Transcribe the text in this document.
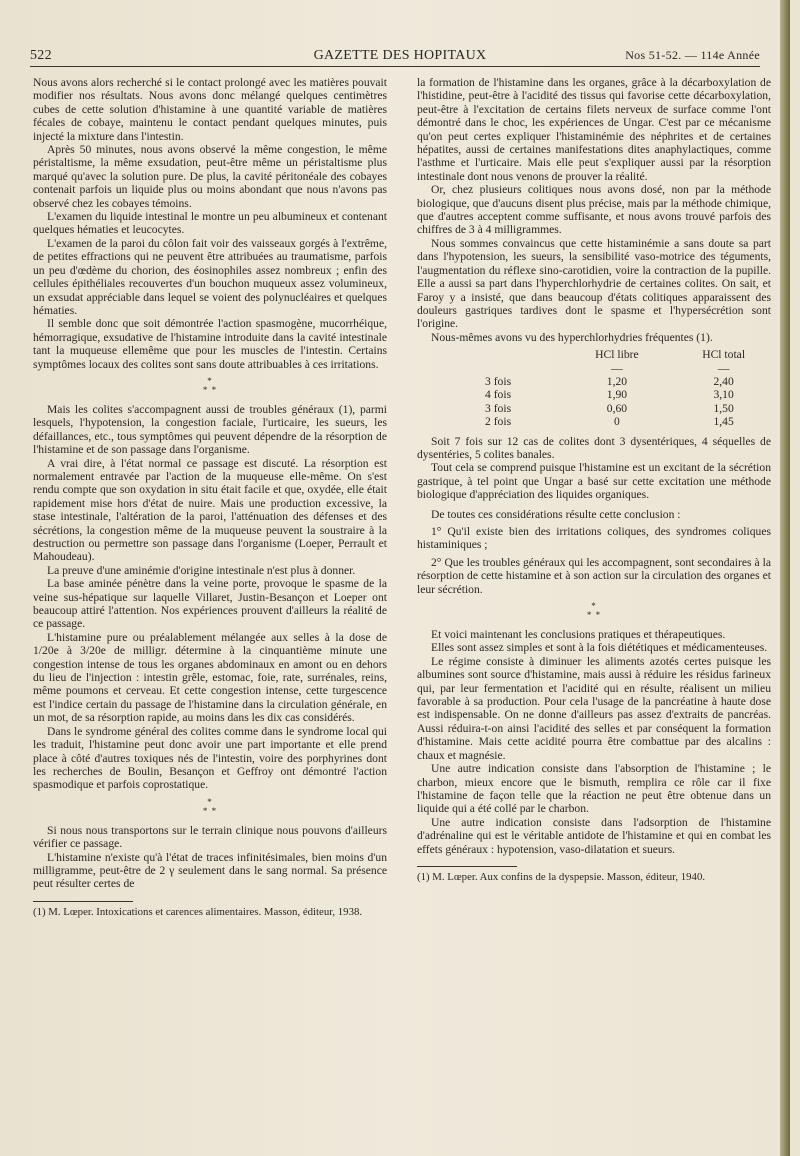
522	GAZETTE DES HOPITAUX	Nos 51-52. — 114e Année

Nous avons alors recherché si le contact prolongé avec les matières pouvait modifier nos résultats. Nous avons donc mélangé quelques centimètres cubes de cette solution d'histamine à une quantité variable de matières fécales de cobaye, maintenu le contact pendant quelques minutes, puis injecté la mixture dans l'intestin.

Après 50 minutes, nous avons observé la même congestion, le même péristaltisme, la même exsudation, peut-être même un péristaltisme plus marqué qu'avec la solution pure. De plus, la cavité péritonéale des cobayes contenait parfois un liquide plus ou moins abondant que nous n'avons pas observé chez les cobayes témoins.

L'examen du liquide intestinal le montre un peu albumineux et contenant quelques hématies et leucocytes.

L'examen de la paroi du côlon fait voir des vaisseaux gorgés à l'extrême, de petites effractions qui ne peuvent être attribuées au traumatisme, parfois un peu d'œdème du chorion, des éosinophiles assez nombreux ; enfin des cellules épithéliales recouvertes d'un bouchon muqueux assez volumineux, un exsudat appréciable dans lequel se voient des polynucléaires et quelques hématies.

Il semble donc que soit démontrée l'action spasmogène, mucorrhéique, hémorragique, exsudative de l'histamine introduite dans la cavité intestinale tant la muqueuse ellemême que pour les muscles de l'intestin. Certains symptômes locaux des colites sont sans doute attribuables à ces irritations.

*
* *

Mais les colites s'accompagnent aussi de troubles généraux (1), parmi lesquels, l'hypotension, la congestion faciale, l'urticaire, les sueurs, les défaillances, etc., tous symptômes qui peuvent dépendre de la résorption de l'histamine et de son passage dans l'organisme.

A vrai dire, à l'état normal ce passage est discuté. La résorption est normalement entravée par l'action de la muqueuse elle-même. On s'est rendu compte que son oxydation in situ était facile et que, oxydée, elle était rapidement mise hors d'état de nuire. Mais une production excessive, la stase intestinale, l'altération de la paroi, l'atténuation des défenses et des sécrétions, la congestion même de la muqueuse peuvent la soustraire à la destruction ou permettre son passage dans l'organisme (Loeper, Perrault et Mahoudeau).

La preuve d'une aminémie d'origine intestinale n'est plus à donner.

La base aminée pénètre dans la veine porte, provoque le spasme de la veine sus-hépatique sur laquelle Villaret, Justin-Besançon et Loeper ont beaucoup attiré l'attention. Nos expériences prouvent d'ailleurs la réalité de ce passage.

L'histamine pure ou préalablement mélangée aux selles à la dose de 1/20e à 3/20e de milligr. détermine à la cinquantième minute une congestion intense de tous les organes abdominaux en amont ou en dehors du lieu de l'injection : intestin grêle, estomac, foie, rate, surrénales, reins, même poumons et cerveau. Et cette congestion intense, cette turgescence est l'indice certain du passage de l'histamine dans la circulation générale, en un mot, de sa résorption rapide, au moins dans les dix cas considérés.

Dans le syndrome général des colites comme dans le syndrome local qui les traduit, l'histamine peut donc avoir une part importante et elle prend place à côté d'autres toxiques nés de l'intestin, voire des porphyrines dont les recherches de Boulin, Besançon et Geffroy ont démontré l'action spasmodique et parfois coprostatique.

*
* *

Si nous nous transportons sur le terrain clinique nous pouvons d'ailleurs vérifier ce passage.

L'histamine n'existe qu'à l'état de traces infinitésimales, bien moins d'un milligramme, peut-être de 2 γ seulement dans le sang normal. Sa présence peut résulter certes de

(1) M. Lœper. Intoxications et carences alimentaires. Masson, éditeur, 1938.

la formation de l'histamine dans les organes, grâce à la décarboxylation de l'histidine, peut-être à l'acidité des tissus qui favorise cette décarboxylation, peut-être à l'excitation de certains filets nerveux de surface comme l'ont démontré dans le choc, les expériences de Ungar. C'est par ce mécanisme qu'on peut certes expliquer l'histaminémie des néphrites et de certaines hépatites, aussi de certaines manifestations dites anaphylactiques, comme l'asthme et l'urticaire. Mais elle peut s'expliquer aussi par la résorption intestinale dont nous venons de prouver la réalité.

Or, chez plusieurs colitiques nous avons dosé, non par la méthode biologique, que d'aucuns disent plus précise, mais par la méthode chimique, que d'autres acceptent comme suffisante, et nous avons trouvé parfois des chiffres de 3 à 4 milligrammes.

Nous sommes convaincus que cette histaminémie a sans doute sa part dans l'hypotension, les sueurs, la sensibilité vaso-motrice des téguments, l'augmentation du réflexe sino-carotidien, voire la contraction de la pupille. Elle a aussi sa part dans l'hyperchlorhydrie de certaines colites. On sait, et Faroy y a insisté, que dans beaucoup d'états colitiques apparaissent des douleurs gastriques tardives dont le spasme et l'hypersécrétion sont l'origine.

Nous-mêmes avons vu des hyperchlorhydries fréquentes (1).

	HCl libre	HCl total
	—	—
3 fois	1,20	2,40
4 fois	1,90	3,10
3 fois	0,60	1,50
2 fois	0	1,45

Soit 7 fois sur 12 cas de colites dont 3 dysentériques, 4 séquelles de dysentéries, 5 colites banales.

Tout cela se comprend puisque l'histamine est un excitant de la sécrétion gastrique, à tel point que Ungar a basé sur cette excitation une méthode biologique d'appréciation des liquides organiques.

De toutes ces considérations résulte cette conclusion :

1° Qu'il existe bien des irritations coliques, des syndromes coliques histaminiques ;

2° Que les troubles généraux qui les accompagnent, sont secondaires à la résorption de cette histamine et à son action sur la circulation des organes et leur sécrétion.

*
* *

Et voici maintenant les conclusions pratiques et thérapeutiques.

Elles sont assez simples et sont à la fois diététiques et médicamenteuses.

Le régime consiste à diminuer les aliments azotés certes puisque les albumines sont source d'histamine, mais aussi à réduire les résidus farineux qui, par leur fermentation et l'acidité qui en résulte, réalisent un milieu favorable à sa production. Pour cela l'usage de la pancréatine à haute dose est indispensable. On ne donne d'ailleurs pas assez d'extraits de pancréas. Aussi réduira-t-on ainsi l'acidité des selles et par conséquent la formation d'histamine. Mais cette acidité pourra être combattue par des alcalins : chaux et magnésie.

Une autre indication consiste dans l'absorption de l'histamine ; le charbon, mieux encore que le bismuth, remplira ce rôle car il fixe l'histamine de façon telle que la réaction ne peut être obtenue dans un liquide qui a été collé par le charbon.

Une autre indication consiste dans l'adsorption de l'histamine d'adrénaline qui est le véritable antidote de l'histamine et qui en combat les effets généraux : hypotension, vaso-dilatation et sueurs.

(1) M. Lœper. Aux confins de la dyspepsie. Masson, éditeur, 1940.
